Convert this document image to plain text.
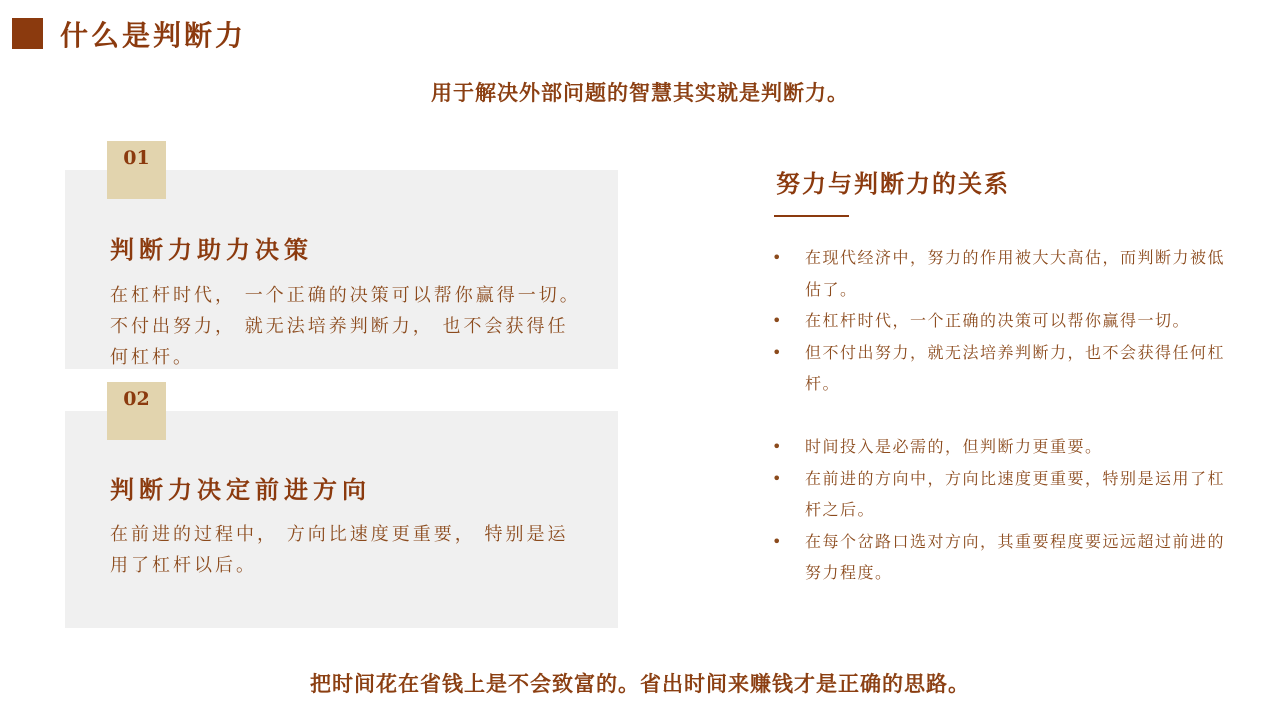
什么是判断力
用于解决外部问题的智慧其实就是判断力。
01
判断力助力决策
在杠杆时代， 一个正确的决策可以帮你赢得一切。不付出努力， 就无法培养判断力， 也不会获得任何杠杆。
02
判断力决定前进方向
在前进的过程中， 方向比速度更重要， 特别是运用了杠杆以后。
努力与判断力的关系
• 在现代经济中，努力的作用被大大高估，而判断力被低估了。
• 在杠杆时代，一个正确的决策可以帮你赢得一切。
• 但不付出努力，就无法培养判断力，也不会获得任何杠杆。
• 时间投入是必需的，但判断力更重要。
• 在前进的方向中，方向比速度更重要，特别是运用了杠杆之后。
• 在每个岔路口选对方向，其重要程度要远远超过前进的努力程度。
把时间花在省钱上是不会致富的。省出时间来赚钱才是正确的思路。
